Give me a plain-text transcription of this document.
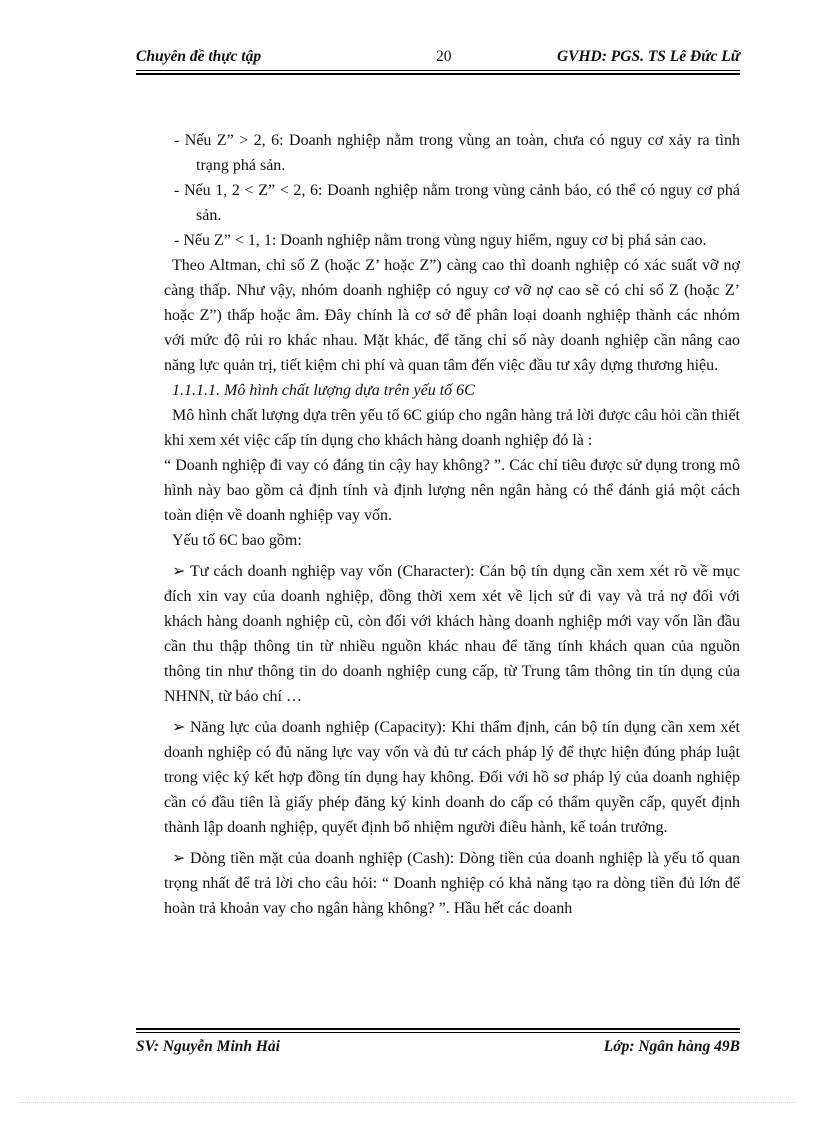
Chuyên đề thực tập	20	GVHD: PGS. TS Lê Đức Lữ

- Nếu Z” > 2, 6: Doanh nghiệp nằm trong vùng an toàn, chưa có nguy cơ xảy ra tình trạng phá sản.

- Nếu 1, 2 < Z” < 2, 6: Doanh nghiệp nằm trong vùng cảnh báo, có thể có nguy cơ phá sản.

- Nếu Z” < 1, 1: Doanh nghiệp nằm trong vùng nguy hiểm, nguy cơ bị phá sản cao.

Theo Altman, chỉ số Z (hoặc Z’ hoặc Z”) càng cao thì doanh nghiệp có xác suất vỡ nợ càng thấp. Như vậy, nhóm doanh nghiệp có nguy cơ vỡ nợ cao sẽ có chỉ số Z (hoặc Z’ hoặc Z”) thấp hoặc âm. Đây chính là cơ sở để phân loại doanh nghiệp thành các nhóm với mức độ rủi ro khác nhau. Mặt khác, để tăng chỉ số này doanh nghiệp cần nâng cao năng lực quản trị, tiết kiệm chi phí và quan tâm đến việc đầu tư xây dựng thương hiệu.

1.1.1.1. Mô hình chất lượng dựa trên yếu tố 6C

Mô hình chất lượng dựa trên yếu tố 6C giúp cho ngân hàng trả lời được câu hỏi cần thiết khi xem xét việc cấp tín dụng cho khách hàng doanh nghiệp đó là :

“ Doanh nghiệp đi vay có đáng tin cậy hay không? ”. Các chỉ tiêu được sử dụng trong mô hình này bao gồm cả định tính và định lượng nên ngân hàng có thể đánh giá một cách toàn diện về doanh nghiệp vay vốn.

Yếu tố 6C bao gồm:

➢ Tư cách doanh nghiệp vay vốn (Character): Cán bộ tín dụng cần xem xét rõ về mục đích xin vay của doanh nghiệp, đồng thời xem xét về lịch sử đi vay và trả nợ đối với khách hàng doanh nghiệp cũ, còn đối với khách hàng doanh nghiệp mới vay vốn lần đầu cần thu thập thông tin từ nhiều nguồn khác nhau để tăng tính khách quan của nguồn thông tin như thông tin do doanh nghiệp cung cấp, từ Trung tâm thông tin tín dụng của NHNN, từ báo chí …

➢ Năng lực của doanh nghiệp (Capacity): Khi thẩm định, cán bộ tín dụng cần xem xét doanh nghiệp có đủ năng lực vay vốn và đủ tư cách pháp lý để thực hiện đúng pháp luật trong việc ký kết hợp đồng tín dụng hay không. Đối với hồ sơ pháp lý của doanh nghiệp cần có đầu tiên là giấy phép đăng ký kinh doanh do cấp có thẩm quyền cấp, quyết định thành lập doanh nghiệp, quyết định bổ nhiệm người điều hành, kế toán trưởng.

➢ Dòng tiền mặt của doanh nghiệp (Cash): Dòng tiền của doanh nghiệp là yếu tố quan trọng nhất để trả lời cho câu hỏi: “ Doanh nghiệp có khả năng tạo ra dòng tiền đủ lớn để hoàn trả khoản vay cho ngân hàng không? ”. Hầu hết các doanh

SV: Nguyễn Minh Hải	Lớp: Ngân hàng 49B
